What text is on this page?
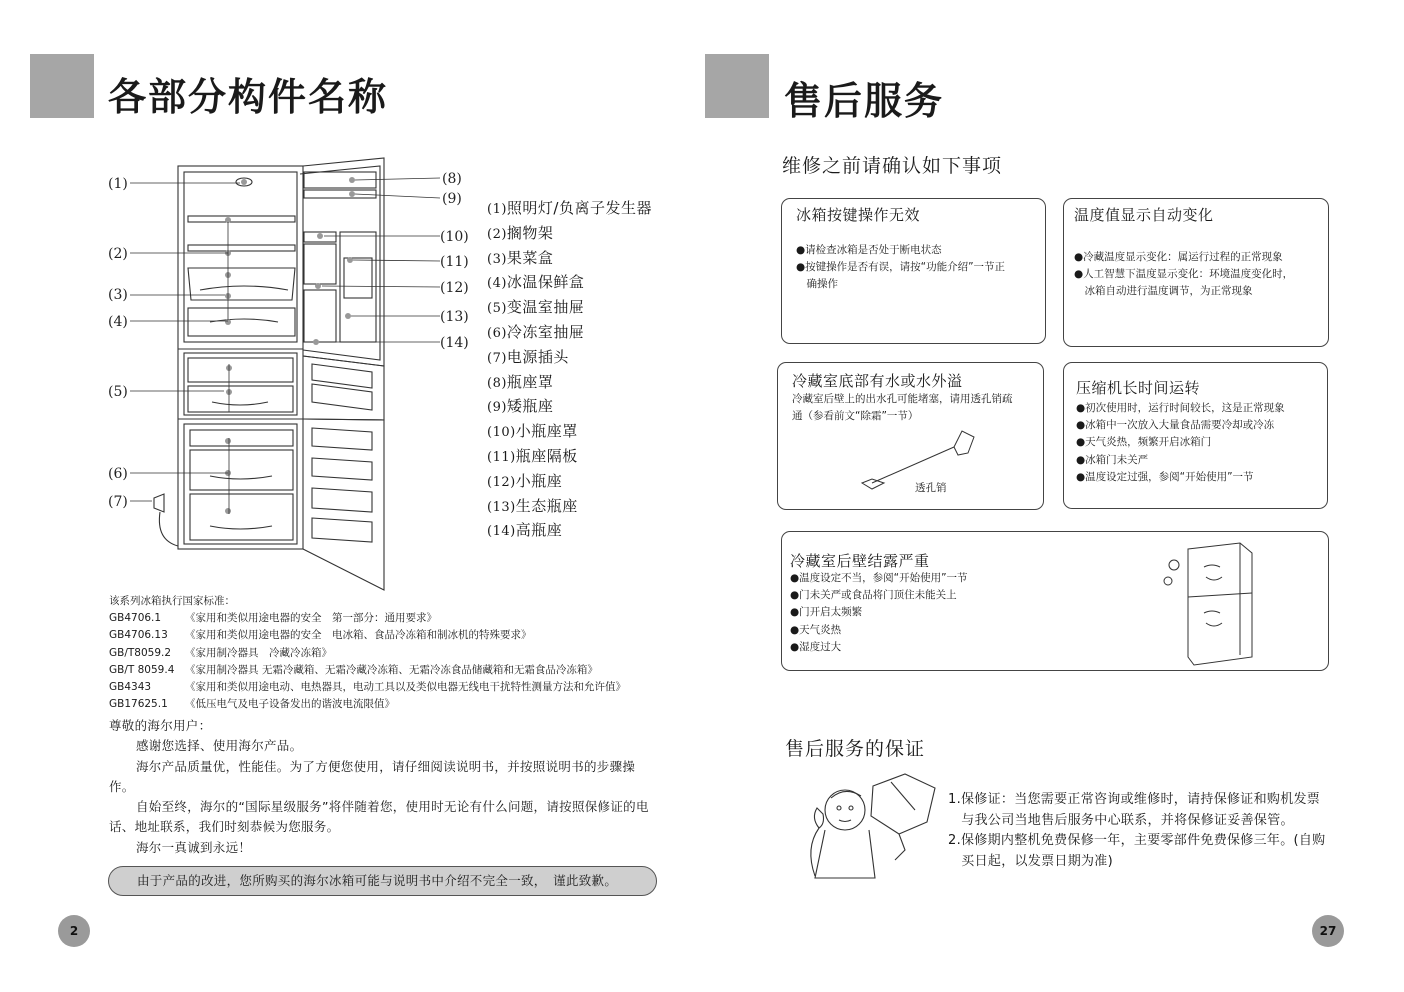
各部分构件名称
(1)
(2)
(3)
(4)
(5)
(6)
(7)
(8)
(9)
(10)
(11)
(12)
(13)
(14)
(1)照明灯/负离子发生器
(2)搁物架
(3)果菜盒
(4)冰温保鲜盒
(5)变温室抽屉
(6)冷冻室抽屉
(7)电源插头
(8)瓶座罩
(9)矮瓶座
(10)小瓶座罩
(11)瓶座隔板
(12)小瓶座
(13)生态瓶座
(14)高瓶座
该系列冰箱执行国家标准：
GB4706.1	《家用和类似用途电器的安全　第一部分：通用要求》
GB4706.13	《家用和类似用途电器的安全　电冰箱、食品冷冻箱和制冰机的特殊要求》
GB/T8059.2	《家用制冷器具　冷藏冷冻箱》
GB/T 8059.4	《家用制冷器具 无霜冷藏箱、无霜冷藏冷冻箱、无霜冷冻食品储藏箱和无霜食品冷冻箱》
GB4343	《家用和类似用途电动、电热器具，电动工具以及类似电器无线电干扰特性测量方法和允许值》
GB17625.1	《低压电气及电子设备发出的谐波电流限值》

尊敬的海尔用户：

感谢您选择、使用海尔产品。

海尔产品质量优，性能佳。为了方便您使用，请仔细阅读说明书，并按照说明书的步骤操作。

自始至终，海尔的“国际星级服务”将伴随着您，使用时无论有什么问题，请按照保修证的电话、地址联系，我们时刻恭候为您服务。

海尔一真诚到永远！

由于产品的改进，您所购买的海尔冰箱可能与说明书中介绍不完全一致，　谨此致歉。
2
售后服务
维修之前请确认如下事项
冰箱按键操作无效
●请检查冰箱是否处于断电状态
●按键操作是否有误，请按“功能介绍”一节正
　确操作
温度值显示自动变化
●冷藏温度显示变化：属运行过程的正常现象
●人工智慧下温度显示变化：环境温度变化时，
　冰箱自动进行温度调节，为正常现象
冷藏室底部有水或水外溢

冷藏室后壁上的出水孔可能堵塞，请用透孔销疏

通（参看前文“除霜”一节）

透孔销
压缩机长时间运转
●初次使用时，运行时间较长，这是正常现象
●冰箱中一次放入大量食品需要冷却或冷冻
●天气炎热，频繁开启冰箱门
●冰箱门未关严
●温度设定过强，参阅“开始使用”一节
冷藏室后壁结露严重
●温度设定不当，参阅“开始使用”一节
●门未关严或食品将门顶住未能关上
●门开启太频繁
●天气炎热
●湿度过大
售后服务的保证
1.保修证：当您需要正常咨询或维修时，请持保修证和购机发票
　与我公司当地售后服务中心联系，并将保修证妥善保管。
2.保修期内整机免费保修一年，主要零部件免费保修三年。(自购
　买日起，以发票日期为准)
27
